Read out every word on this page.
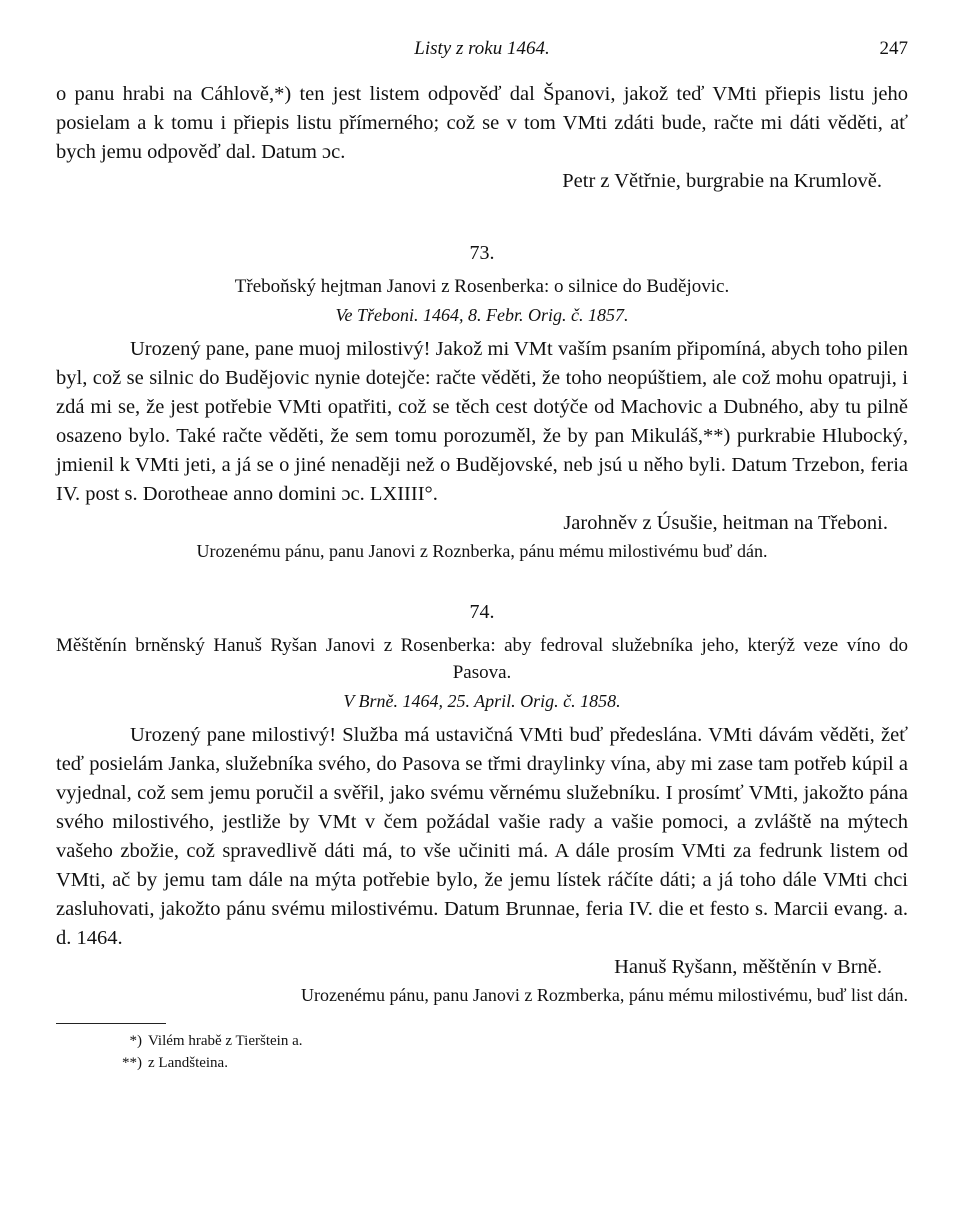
Listy z roku 1464.	247

o panu hrabi na Cáhlově,*) ten jest listem odpověď dal Španovi, jakož teď VMti přiepis listu jeho posielam a k tomu i přiepis listu přímerného; což se v tom VMti zdáti bude, račte mi dáti věděti, ať bych jemu odpověď dal. Datum ɔc.

Petr z Větřnie, burgrabie na Krumlově.

73.

Třeboňský hejtman Janovi z Rosenberka: o silnice do Budějovic.

Ve Třeboni. 1464, 8. Febr. Orig. č. 1857.

Urozený pane, pane muoj milostivý! Jakož mi VMt vaším psaním připomíná, abych toho pilen byl, což se silnic do Budějovic nynie dotejče: račte věděti, že toho neopúštiem, ale což mohu opatruji, i zdá mi se, že jest potřebie VMti opatřiti, což se těch cest dotýče od Machovic a Dubného, aby tu pilně osazeno bylo. Také račte věděti, že sem tomu porozuměl, že by pan Mikuláš,**) purkrabie Hlubocký, jmienil k VMti jeti, a já se o jiné nenaději než o Budějovské, neb jsú u něho byli. Datum Trzebon, feria IV. post s. Dorotheae anno domini ɔc. LXIIII°.

Jarohněv z Úsušie, heitman na Třeboni.

Urozenému pánu, panu Janovi z Roznberka, pánu mému milostivému buď dán.

74.

Měštěnín brněnský Hanuš Ryšan Janovi z Rosenberka: aby fedroval služebníka jeho, kterýž veze víno do Pasova.

V Brně. 1464, 25. April. Orig. č. 1858.

Urozený pane milostivý! Služba má ustavičná VMti buď předeslána. VMti dávám věděti, žeť teď posielám Janka, služebníka svého, do Pasova se třmi draylinky vína, aby mi zase tam potřeb kúpil a vyjednal, což sem jemu poručil a svěřil, jako svému věrnému služebníku. I prosímť VMti, jakožto pána svého milostivého, jestliže by VMt v čem požádal vašie rady a vašie pomoci, a zvláště na mýtech vašeho zbožie, což spravedlivě dáti má, to vše učiniti má. A dále prosím VMti za fedrunk listem od VMti, ač by jemu tam dále na mýta potřebie bylo, že jemu lístek ráčíte dáti; a já toho dále VMti chci zasluhovati, jakožto pánu svému milostivému. Datum Brunnae, feria IV. die et festo s. Marcii evang. a. d. 1464.

Hanuš Ryšann, měštěnín v Brně.

Urozenému pánu, panu Janovi z Rozmberka, pánu mému milostivému, buď list dán.

*) Vilém hrabě z Tierštein a.

**) z Landšteina.
